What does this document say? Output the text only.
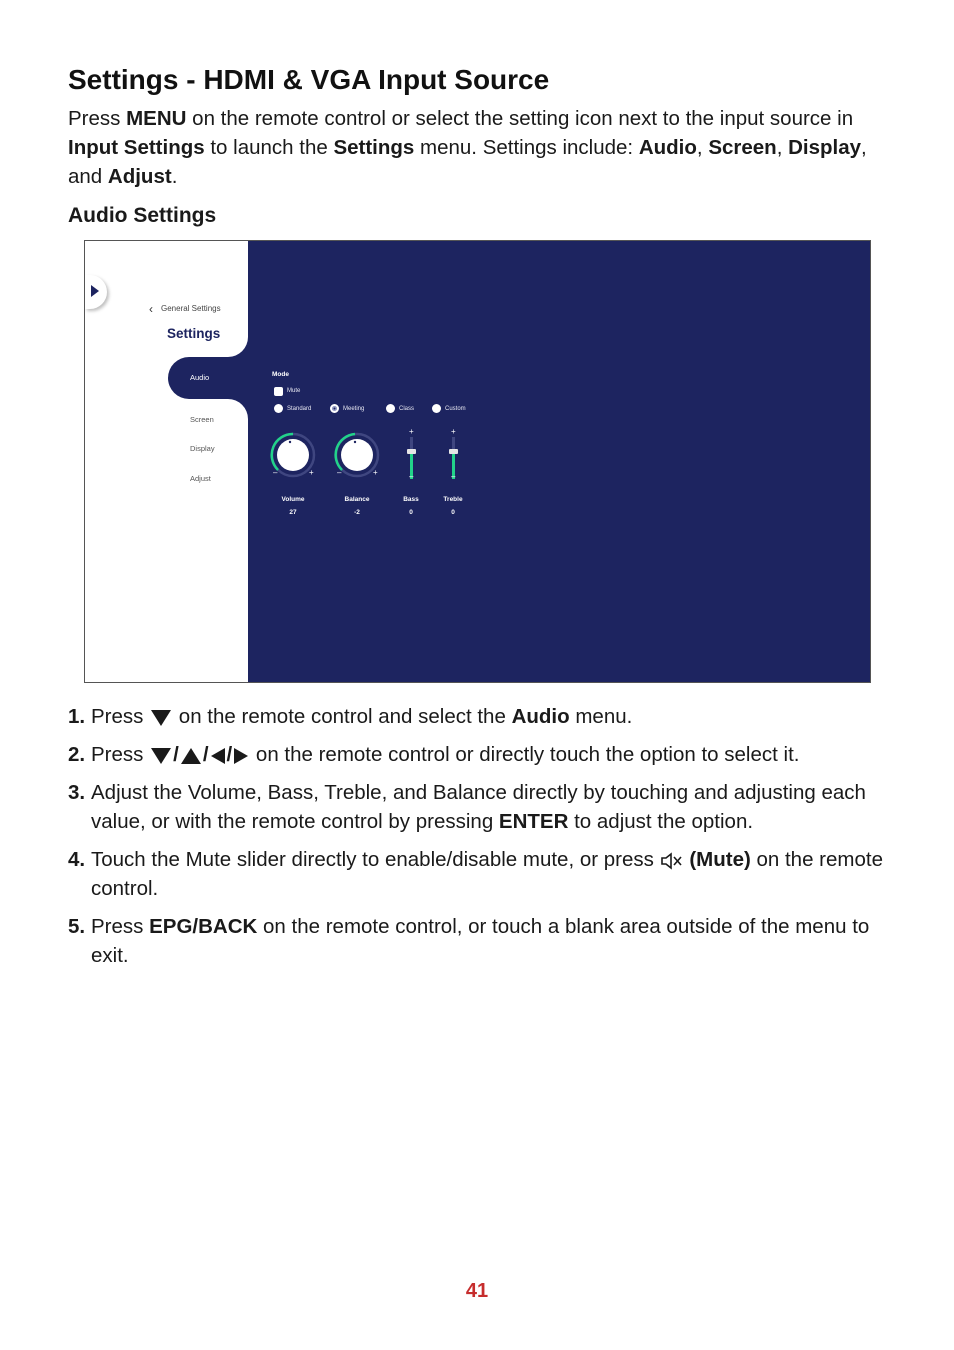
Settings - HDMI & VGA Input Source

Press MENU on the remote control or select the setting icon next to the input source in Input Settings to launch the Settings menu. Settings include: Audio, Screen, Display, and Adjust.

Audio Settings
‹ General Settings
Settings
Audio
Screen
Display
Adjust
Mode
Mute
Standard	Meeting	Class	Custom
–	+
Volume
27
–	+
Balance
-2
+
–
Bass
0
+
–
Treble
0
1. Press  on the remote control and select the Audio menu.
2. Press / / / on the remote control or directly touch the option to select it.
3. Adjust the Volume, Bass, Treble, and Balance directly by touching and adjusting each value, or with the remote control by pressing ENTER to adjust the option.
4. Touch the Mute slider directly to enable/disable mute, or press  (Mute) on the remote control.
5. Press EPG/BACK on the remote control, or touch a blank area outside of the menu to exit.
41
